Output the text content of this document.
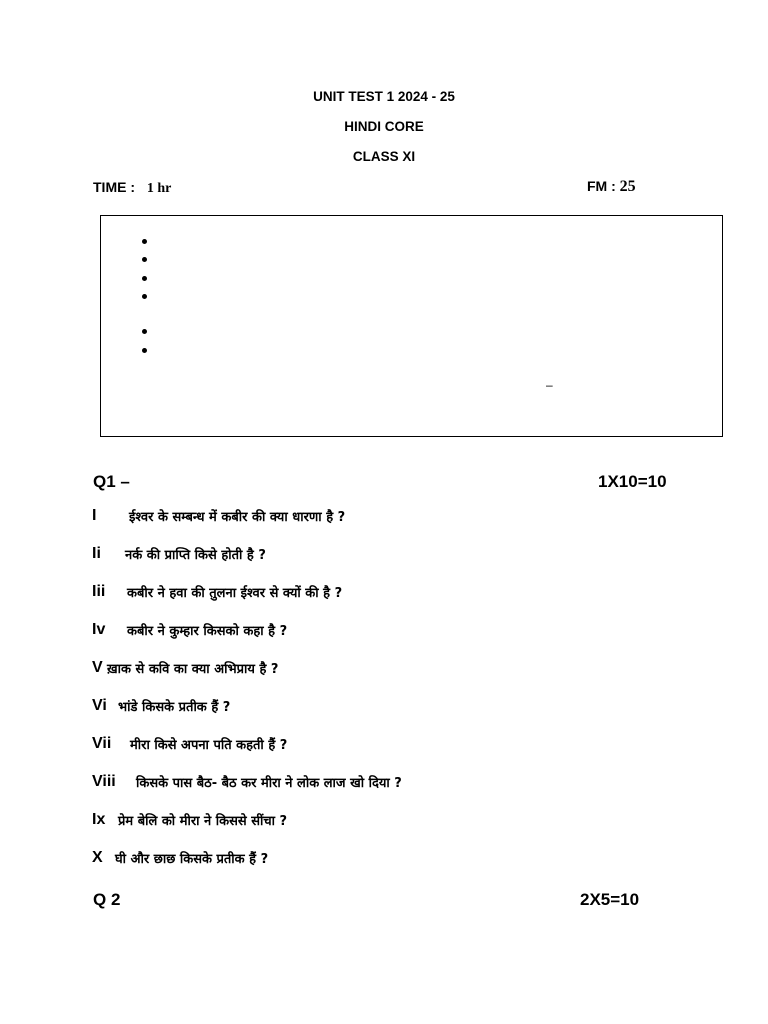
UNIT TEST 1 2024 - 25
HINDI CORE
CLASS XI
TIME : 1 hr	FM : 25
–
Q1 –	1X10=10
I	ईश्वर के सम्बन्ध में कबीर की क्या धारणा है ?
Ii नर्क की प्राप्ति किसे होती है ?
Iii कबीर ने हवा की तुलना ईश्वर से क्यों की है ?
Iv कबीर ने कुम्हार किसको कहा है ?
V ख़ाक से कवि का क्या अभिप्राय है ?
Vi भांडे किसके प्रतीक हैं ?
Vii मीरा किसे अपना पति कहती हैं ?
Viii किसके पास बैठ- बैठ कर मीरा ने लोक लाज खो दिया ?
Ix प्रेम बेलि को मीरा ने किससे सींचा ?
X घी और छाछ किसके प्रतीक हैं ?
Q 2	2X5=10
